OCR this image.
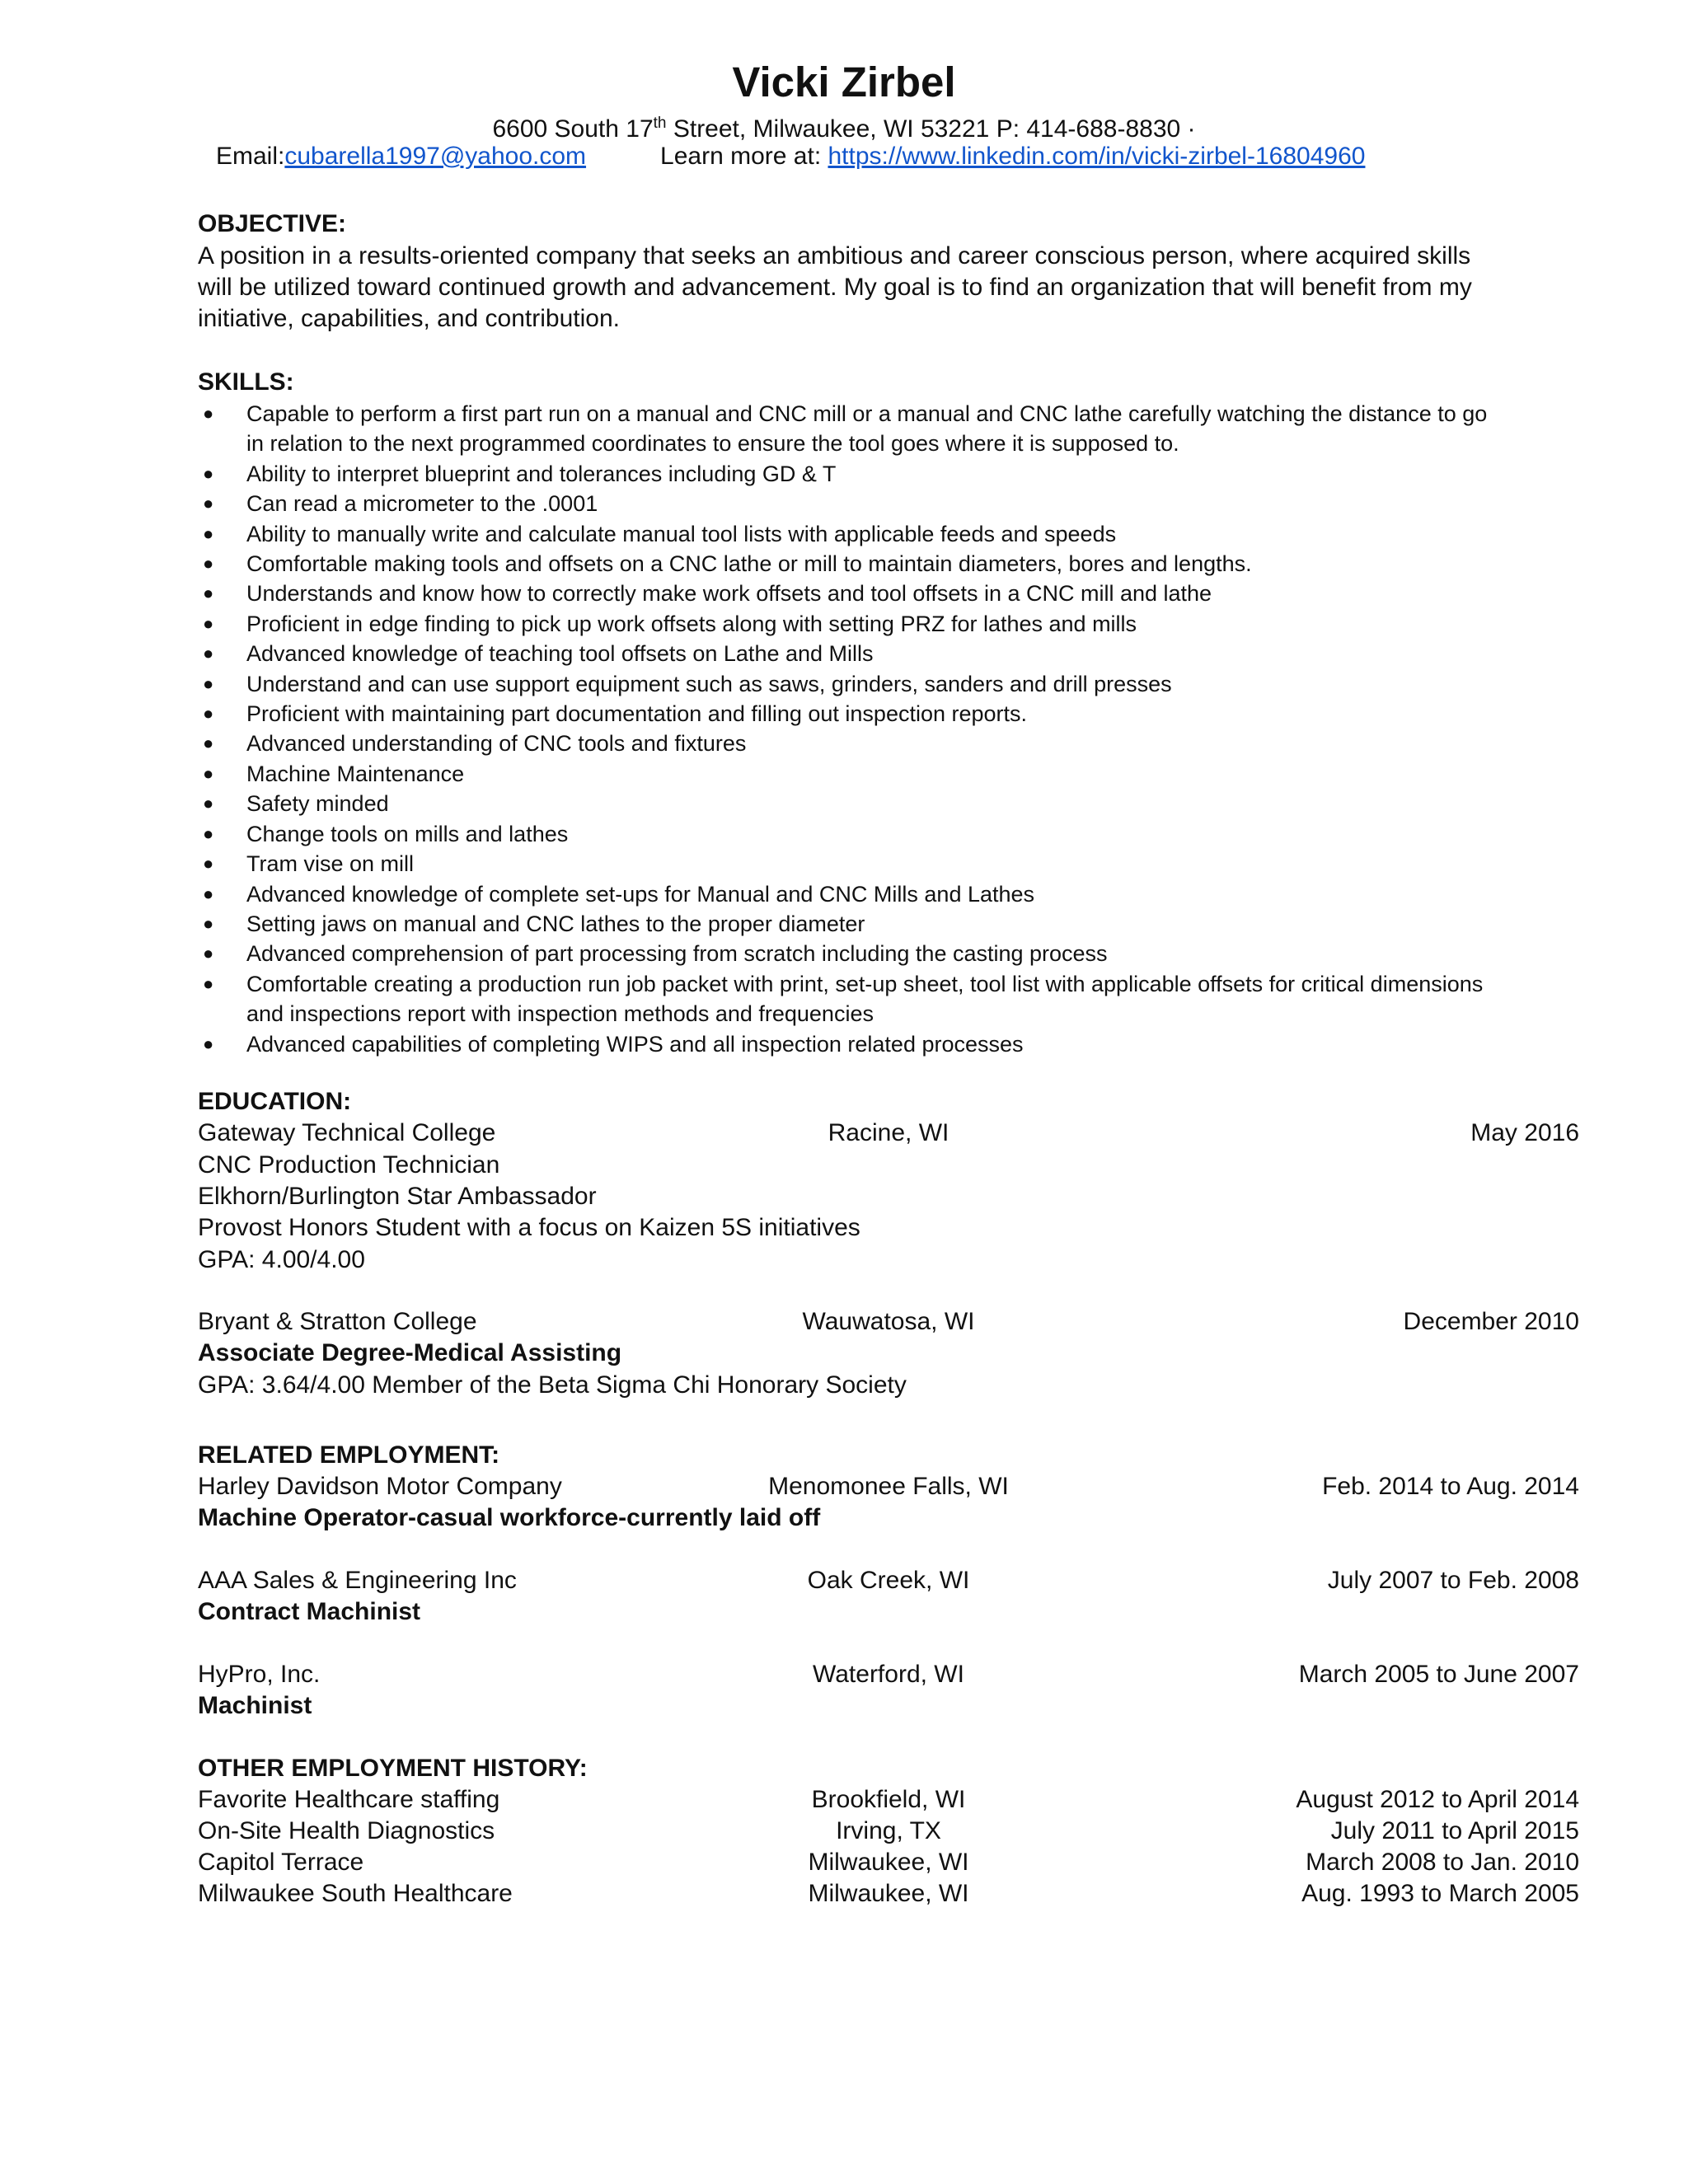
Vicki Zirbel
6600 South 17th Street, Milwaukee, WI 53221 P: 414-688-8830 ·
Email:cubarella1997@yahoo.com	Learn more at: https://www.linkedin.com/in/vicki-zirbel-16804960
OBJECTIVE:
A position in a results-oriented company that seeks an ambitious and career conscious person, where acquired skills will be utilized toward continued growth and advancement. My goal is to find an organization that will benefit from my initiative, capabilities, and contribution.
SKILLS:
● Capable to perform a first part run on a manual and CNC mill or a manual and CNC lathe carefully watching the distance to go in relation to the next programmed coordinates to ensure the tool goes where it is supposed to.
● Ability to interpret blueprint and tolerances including GD & T
● Can read a micrometer to the .0001
● Ability to manually write and calculate manual tool lists with applicable feeds and speeds
● Comfortable making tools and offsets on a CNC lathe or mill to maintain diameters, bores and lengths.
● Understands and know how to correctly make work offsets and tool offsets in a CNC mill and lathe
● Proficient in edge finding to pick up work offsets along with setting PRZ for lathes and mills
● Advanced knowledge of teaching tool offsets on Lathe and Mills
● Understand and can use support equipment such as saws, grinders, sanders and drill presses
● Proficient with maintaining part documentation and filling out inspection reports.
● Advanced understanding of CNC tools and fixtures
● Machine Maintenance
● Safety minded
● Change tools on mills and lathes
● Tram vise on mill
● Advanced knowledge of complete set-ups for Manual and CNC Mills and Lathes
● Setting jaws on manual and CNC lathes to the proper diameter
● Advanced comprehension of part processing from scratch including the casting process
● Comfortable creating a production run job packet with print, set-up sheet, tool list with applicable offsets for critical dimensions and inspections report with inspection methods and frequencies
● Advanced capabilities of completing WIPS and all inspection related processes
EDUCATION:
Gateway Technical College	Racine, WI	May 2016
CNC Production Technician
Elkhorn/Burlington Star Ambassador
Provost Honors Student with a focus on Kaizen 5S initiatives
GPA: 4.00/4.00
Bryant & Stratton College	Wauwatosa, WI	December 2010
Associate Degree-Medical Assisting
GPA: 3.64/4.00 Member of the Beta Sigma Chi Honorary Society
RELATED EMPLOYMENT:
Harley Davidson Motor Company	Menomonee Falls, WI	Feb. 2014 to Aug. 2014
Machine Operator-casual workforce-currently laid off
AAA Sales & Engineering Inc	Oak Creek, WI	July 2007 to Feb. 2008
Contract Machinist
HyPro, Inc.	Waterford, WI	March 2005 to June 2007
Machinist
OTHER EMPLOYMENT HISTORY:
Favorite Healthcare staffing	Brookfield, WI	August 2012 to April 2014
On-Site Health Diagnostics	Irving, TX	July 2011 to April 2015
Capitol Terrace	Milwaukee, WI	March 2008 to Jan. 2010
Milwaukee South Healthcare	Milwaukee, WI	Aug. 1993 to March 2005
